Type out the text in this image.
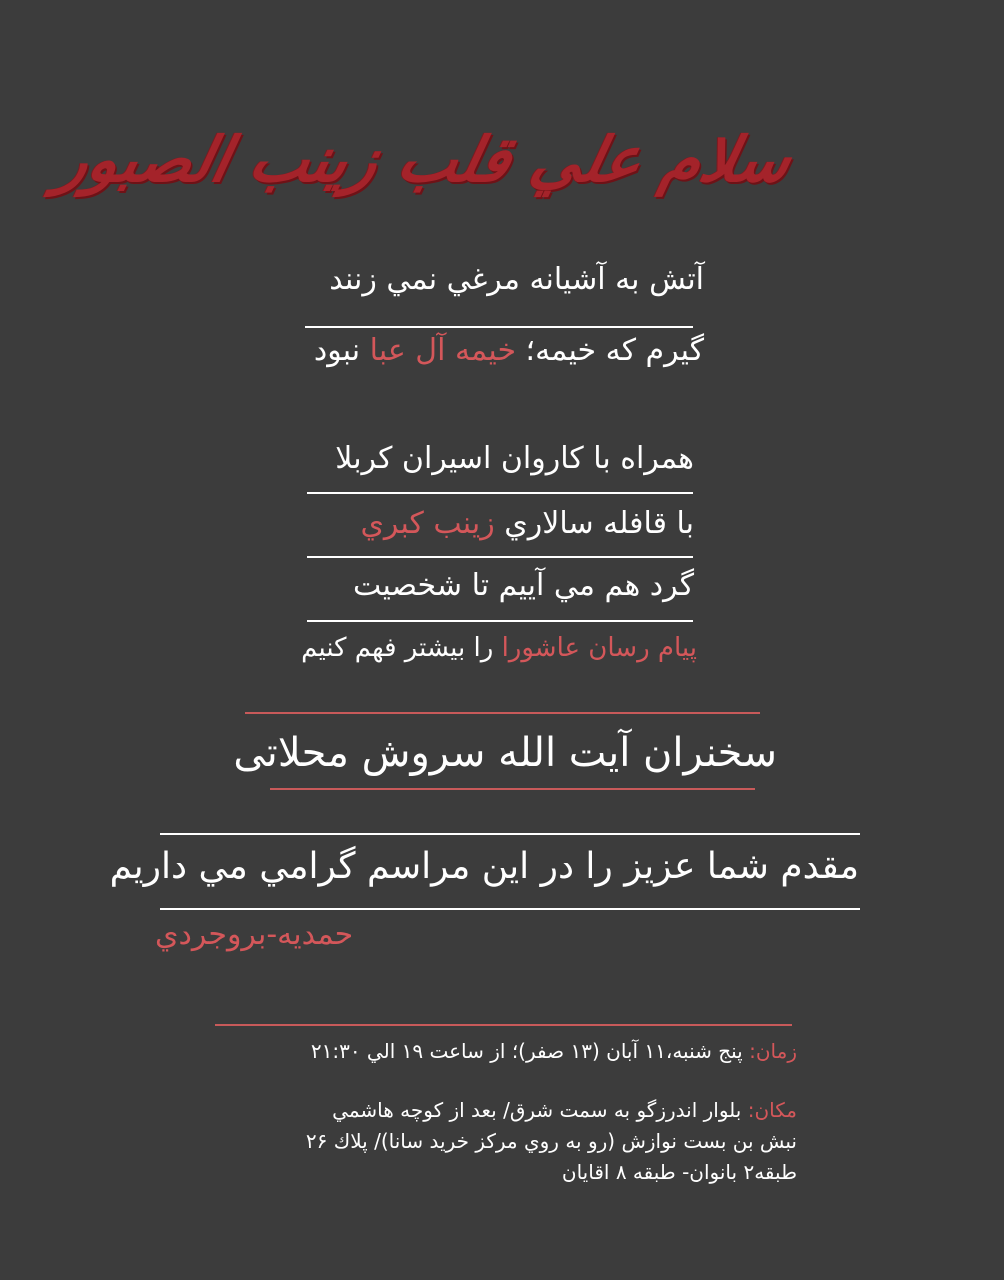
سلام علي قلب زينب الصبور
آتش به آشيانه مرغي نمي زنند
گيرم که خيمه؛ خيمه آل عبا نبود
همراه با كاروان اسيران كربلا
با قافله سالاري زينب كبري
گرد هم مي آييم تا شخصيت
پيام رسان عاشورا را بيشتر فهم كنيم
سخنران آيت الله سروش محلاتی
مقدم شما عزيز را در اين مراسم گرامي مي داريم
حمديه-بروجردي
زمان: پنج شنبه،۱۱ آبان (۱۳ صفر)؛ از ساعت ۱۹ الي ۲۱:۳۰
مكان: بلوار اندرزگو به سمت شرق/ بعد از كوچه هاشمي
نبش بن بست نوازش (رو به روي مركز خريد سانا)/ پلاك ۲۶
طبقه۲ بانوان- طبقه ۸ اقايان
